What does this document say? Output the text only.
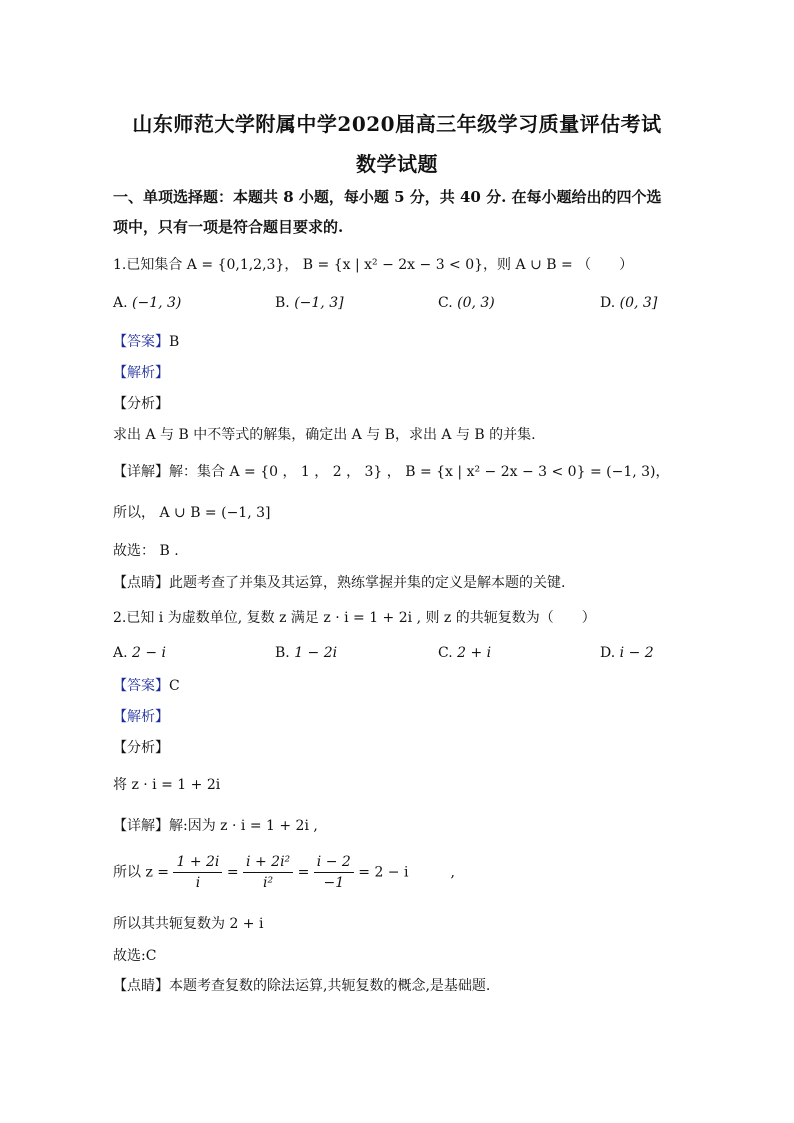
山东师范大学附属中学2020届高三年级学习质量评估考试
数学试题
一、单项选择题：本题共 8 小题，每小题 5 分，共 40 分. 在每小题给出的四个选
项中，只有一项是符合题目要求的.
1.已知集合 A = {0,1,2,3}， B = {x | x² − 2x − 3 < 0}，则 A ∪ B = （　　）
A. (−1, 3)	B. (−1, 3]	C. (0, 3)	D. (0, 3]
【答案】B
【解析】
【分析】
求出 A 与 B 中不等式的解集，确定出 A 与 B，求出 A 与 B 的并集.
【详解】解：集合 A = {0 ， 1 ， 2 ， 3} ， B = {x | x² − 2x − 3 < 0} = (−1, 3)，
所以， A ∪ B = (−1, 3]
故选： B .
【点睛】此题考查了并集及其运算，熟练掌握并集的定义是解本题的关键.
2.已知 i 为虚数单位, 复数 z 满足 z · i = 1 + 2i , 则 z 的共轭复数为（　　）
A. 2 − i	B. 1 − 2i	C. 2 + i	D. i − 2
【答案】C
【解析】
【分析】
将 z · i = 1 + 2i
【详解】解:因为 z · i = 1 + 2i ,
所以 $z = \frac{1 + 2i}{i} = \frac{\text{i + 2i²}}{\text{i²}} = \frac{i - 2}{-1} = 2 - i$　　　,
所以其共轭复数为 2 + i
故选:C
【点睛】本题考查复数的除法运算,共轭复数的概念,是基础题.
